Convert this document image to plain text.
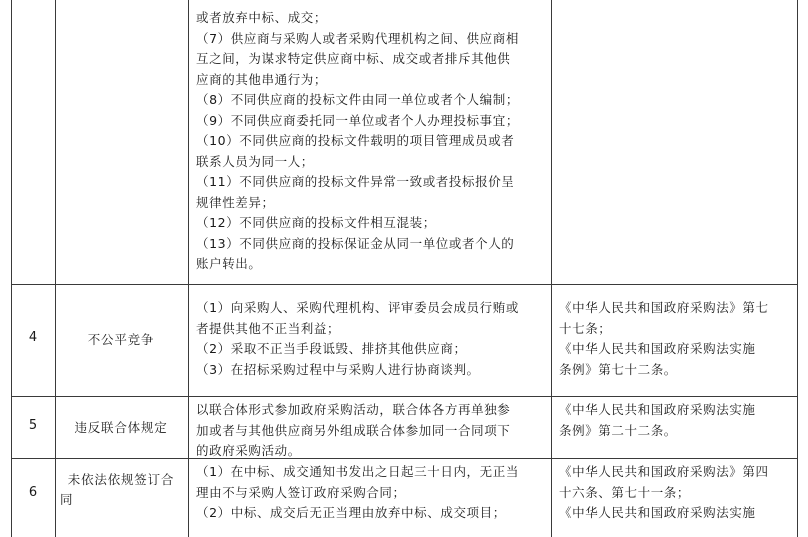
或者放弃中标、成交；
（7）供应商与采购人或者采购代理机构之间、供应商相
互之间，为谋求特定供应商中标、成交或者排斥其他供
应商的其他串通行为；
（8）不同供应商的投标文件由同一单位或者个人编制；
（9）不同供应商委托同一单位或者个人办理投标事宜；
（10）不同供应商的投标文件载明的项目管理成员或者
联系人员为同一人；
（11）不同供应商的投标文件异常一致或者投标报价呈
规律性差异；
（12）不同供应商的投标文件相互混装；
（13）不同供应商的投标保证金从同一单位或者个人的
账户转出。
4	不公平竞争
（1）向采购人、采购代理机构、评审委员会成员行贿或
者提供其他不正当利益；
（2）采取不正当手段诋毁、排挤其他供应商；
（3）在招标采购过程中与采购人进行协商谈判。
《中华人民共和国政府采购法》第七
十七条；
《中华人民共和国政府采购法实施
条例》第七十二条。
5	违反联合体规定
以联合体形式参加政府采购活动，联合体各方再单独参
加或者与其他供应商另外组成联合体参加同一合同项下
的政府采购活动。
《中华人民共和国政府采购法实施
条例》第二十二条。
6
未依法依规签订合
同
（1）在中标、成交通知书发出之日起三十日内，无正当
理由不与采购人签订政府采购合同；
（2）中标、成交后无正当理由放弃中标、成交项目；
《中华人民共和国政府采购法》第四
十六条、第七十一条；
《中华人民共和国政府采购法实施
